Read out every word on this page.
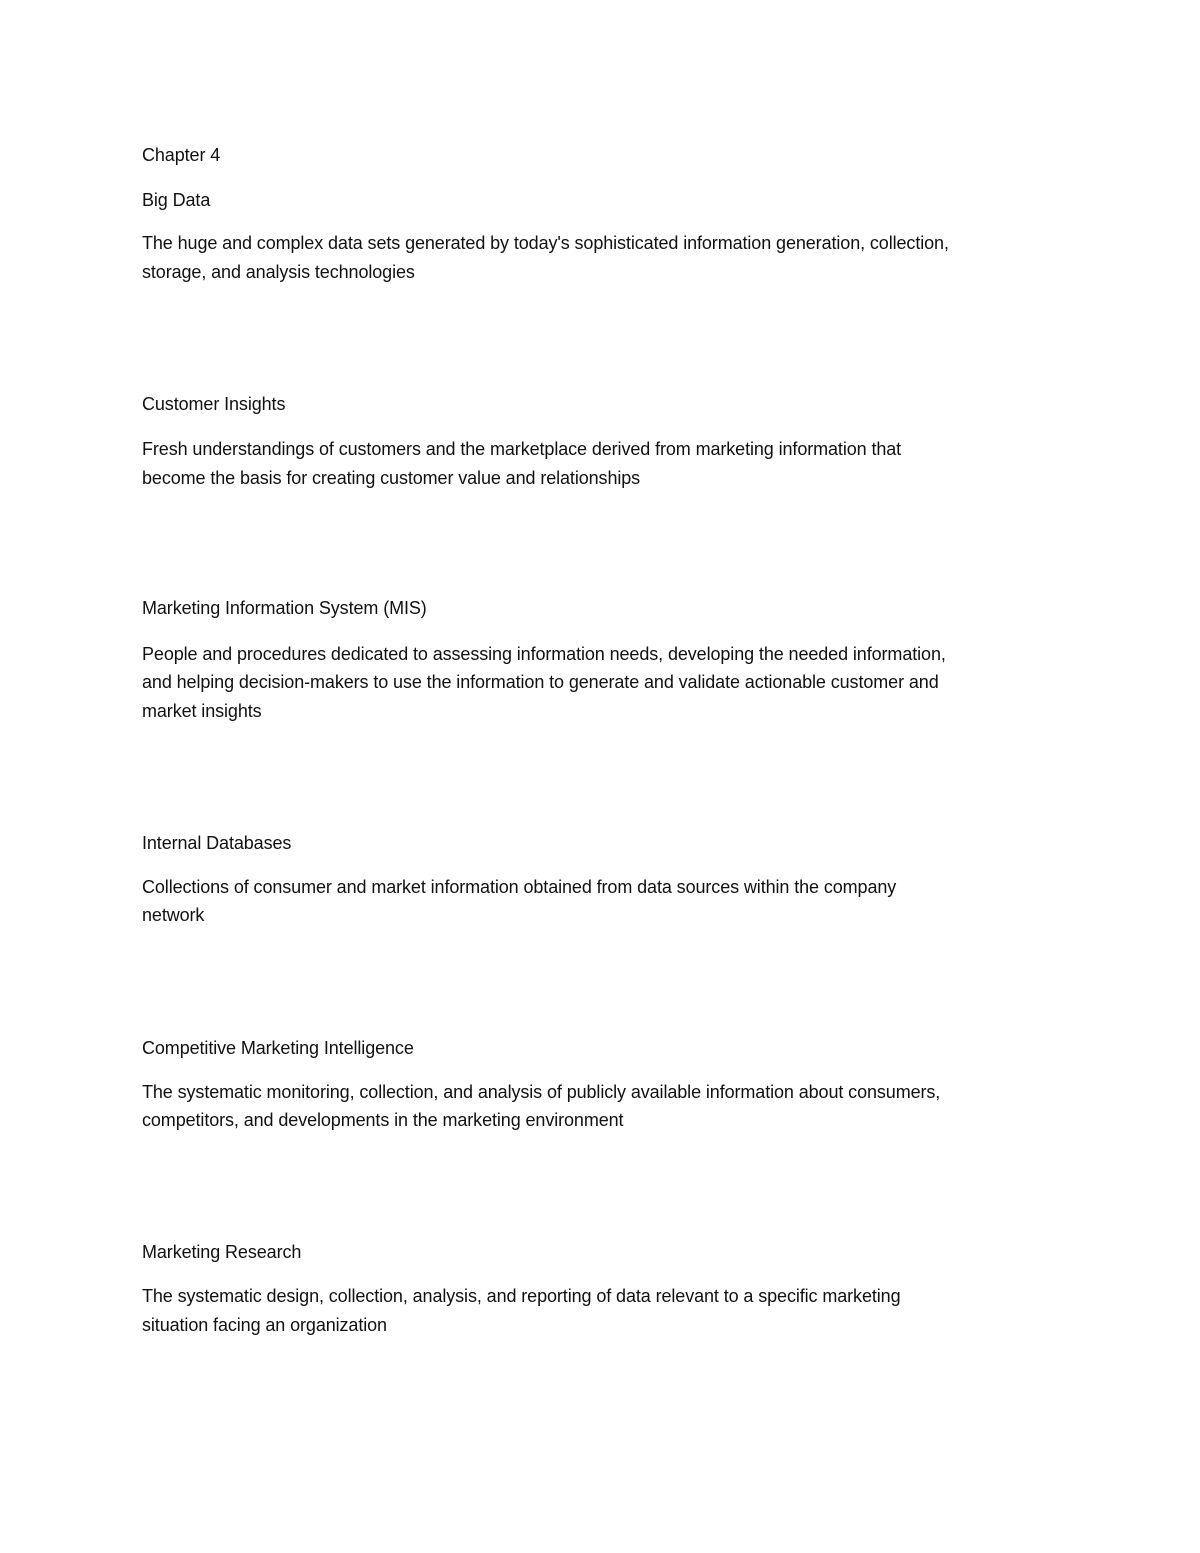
Chapter 4
Big Data
The huge and complex data sets generated by today's sophisticated information generation, collection,
storage, and analysis technologies
Customer Insights
Fresh understandings of customers and the marketplace derived from marketing information that
become the basis for creating customer value and relationships
Marketing Information System (MIS)
People and procedures dedicated to assessing information needs, developing the needed information,
and helping decision-makers to use the information to generate and validate actionable customer and
market insights
Internal Databases
Collections of consumer and market information obtained from data sources within the company
network
Competitive Marketing Intelligence
The systematic monitoring, collection, and analysis of publicly available information about consumers,
competitors, and developments in the marketing environment
Marketing Research
The systematic design, collection, analysis, and reporting of data relevant to a specific marketing
situation facing an organization
